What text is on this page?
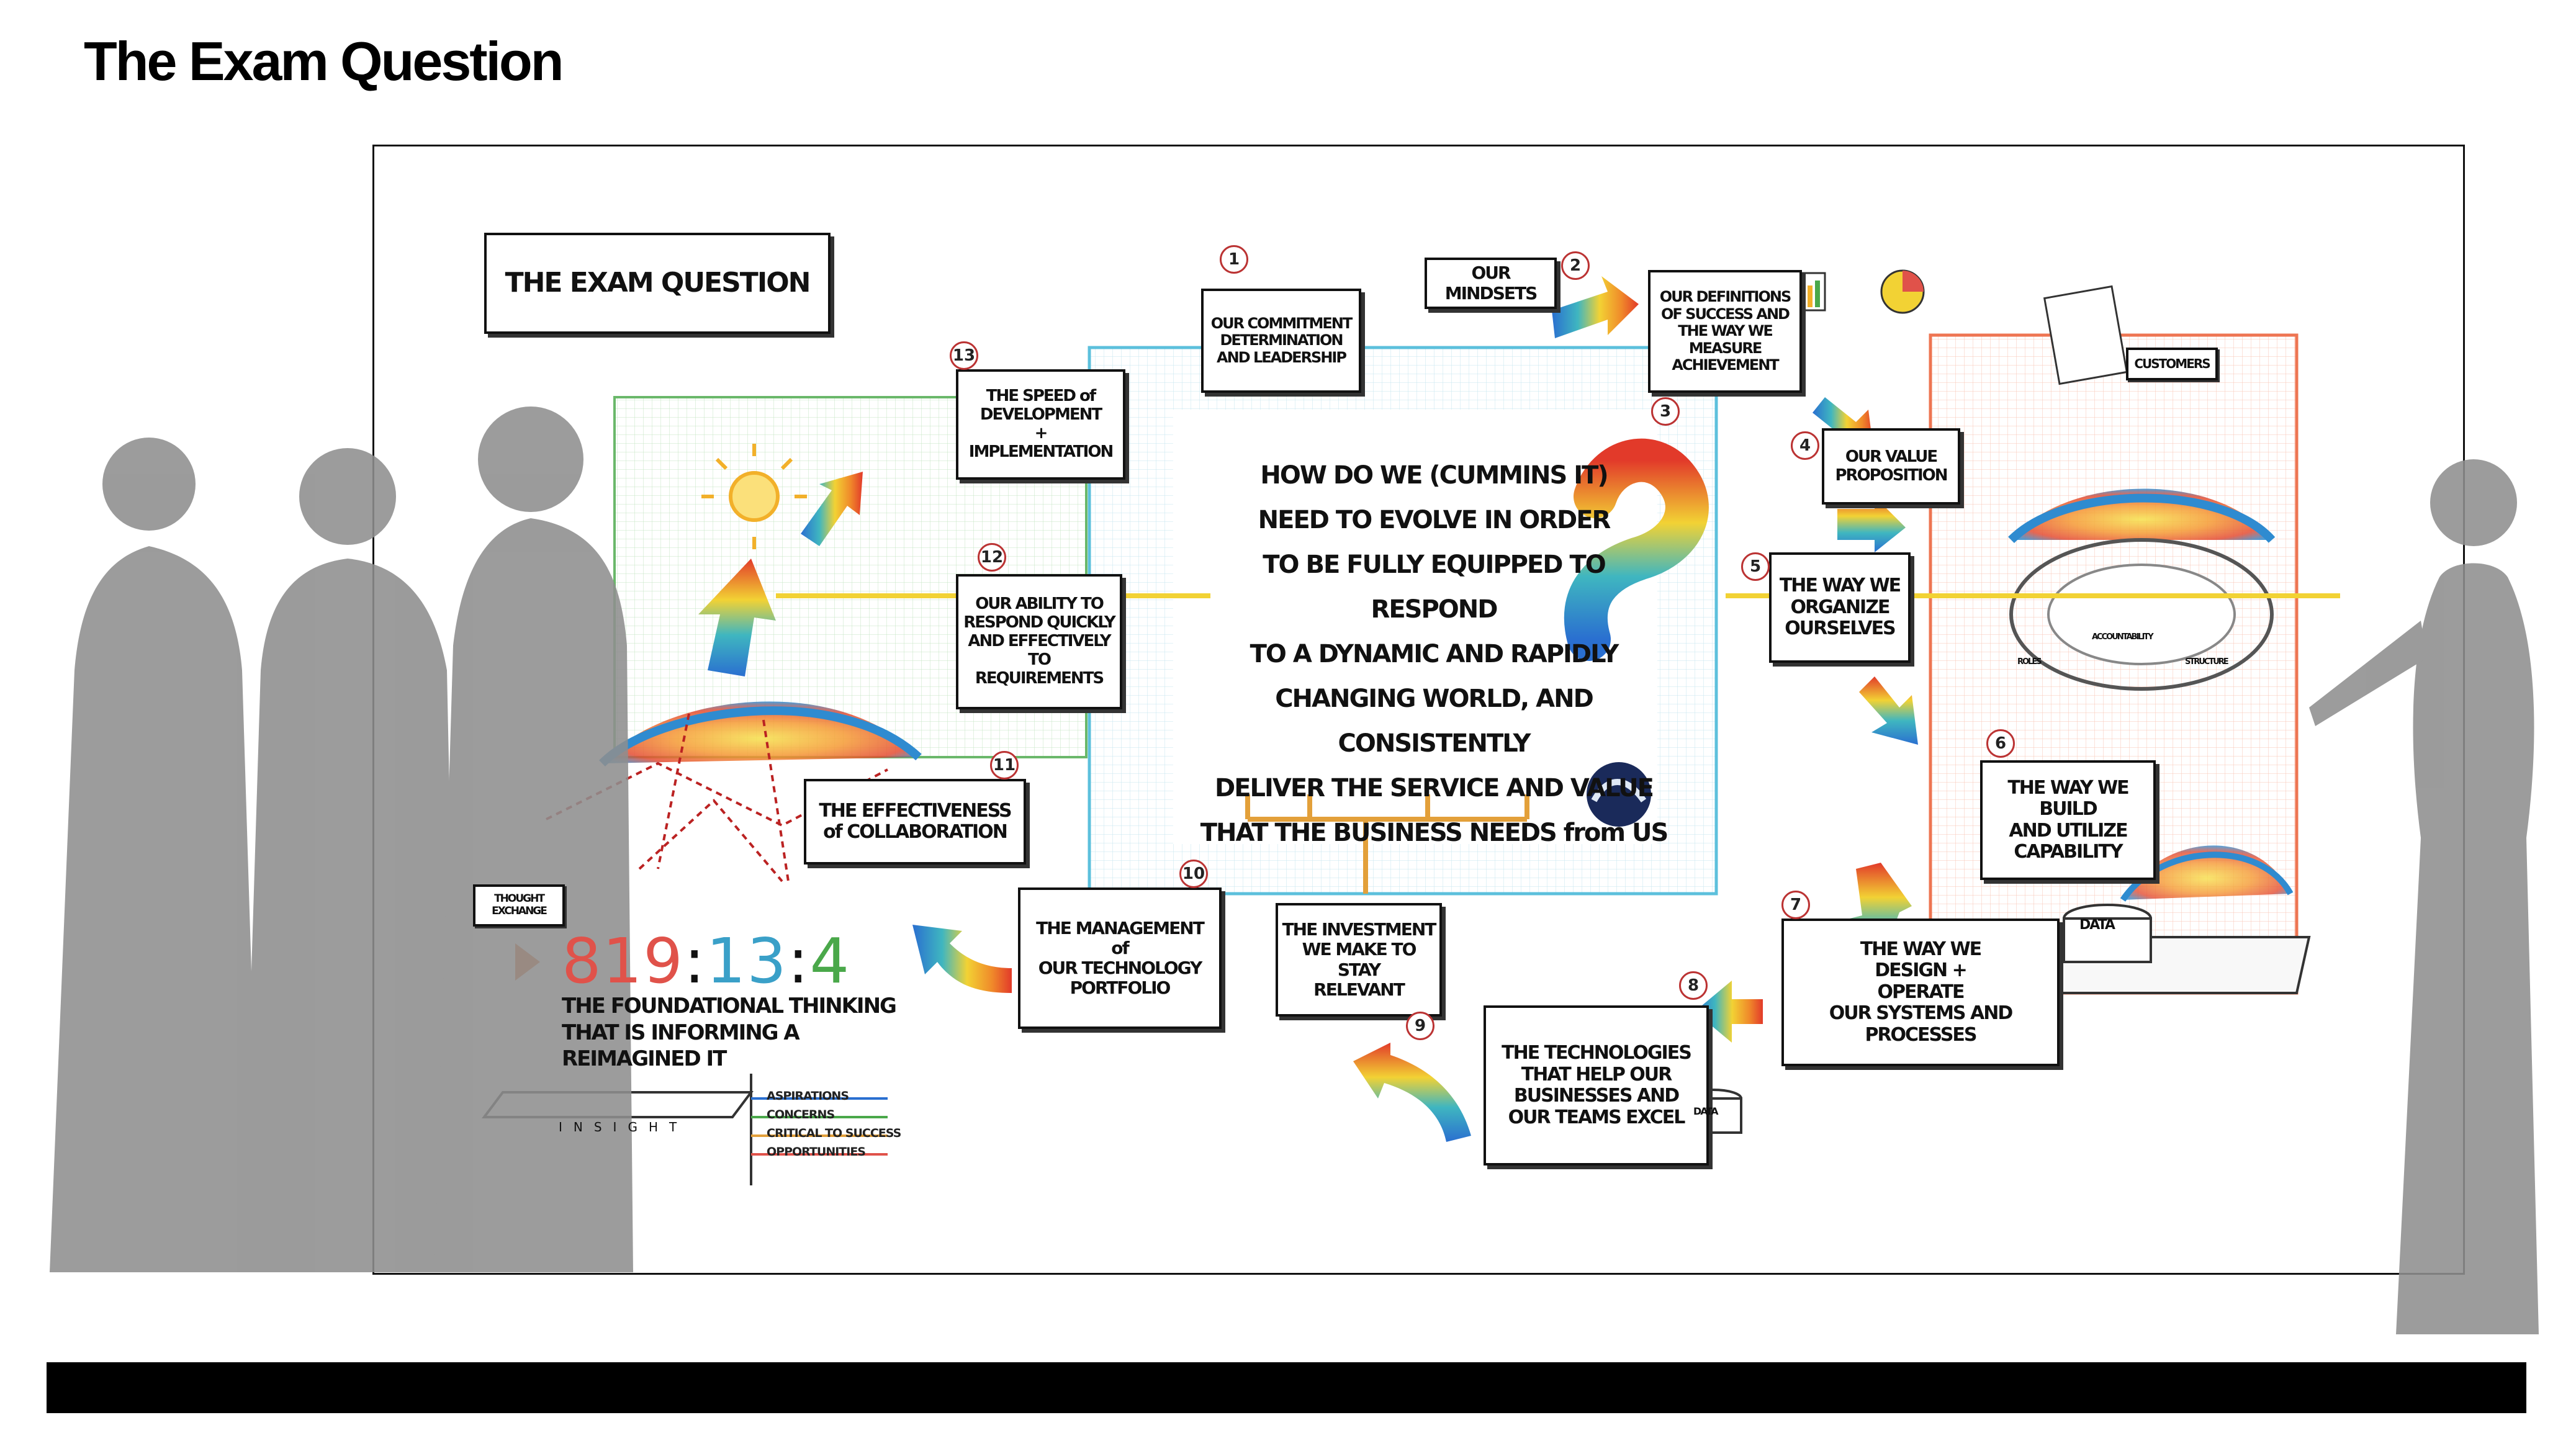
The Exam Question
THE EXAM QUESTION
HOW DO WE (CUMMINS IT)
NEED TO EVOLVE IN ORDER
TO BE FULLY EQUIPPED TO RESPOND
TO A DYNAMIC AND RAPIDLY
CHANGING WORLD, AND CONSISTENTLY
DELIVER THE SERVICE AND VALUE
THAT THE BUSINESS NEEDS from US
OUR COMMITMENT
DETERMINATION
AND LEADERSHIP
1
OUR MINDSETS
2
OUR DEFINITIONS
OF SUCCESS AND
THE WAY WE MEASURE
ACHIEVEMENT
3
OUR VALUE
PROPOSITION
4
THE WAY WE
ORGANIZE
OURSELVES
5
THE WAY WE BUILD
AND UTILIZE
CAPABILITY
6
THE WAY WE
DESIGN +
OPERATE
OUR SYSTEMS AND PROCESSES
7
THE TECHNOLOGIES
THAT HELP OUR
BUSINESSES AND
OUR TEAMS EXCEL
8
THE INVESTMENT
WE MAKE TO STAY
RELEVANT
9
THE MANAGEMENT
of
OUR TECHNOLOGY
PORTFOLIO
10
THE EFFECTIVENESS
of COLLABORATION
11
OUR ABILITY TO
RESPOND QUICKLY
AND EFFECTIVELY
TO REQUIREMENTS
12
THE SPEED of
DEVELOPMENT
+ IMPLEMENTATION
13	CUSTOMERS
DATA
DATA
ACCOUNTABILITY
ROLES	STRUCTURE
THOUGHT EXCHANGE
819:13:4
THE FOUNDATIONAL THINKING
THAT IS INFORMING A
REIMAGINED IT
INSIGHT
ASPIRATIONS
CONCERNS
CRITICAL TO SUCCESS
OPPORTUNITIES
